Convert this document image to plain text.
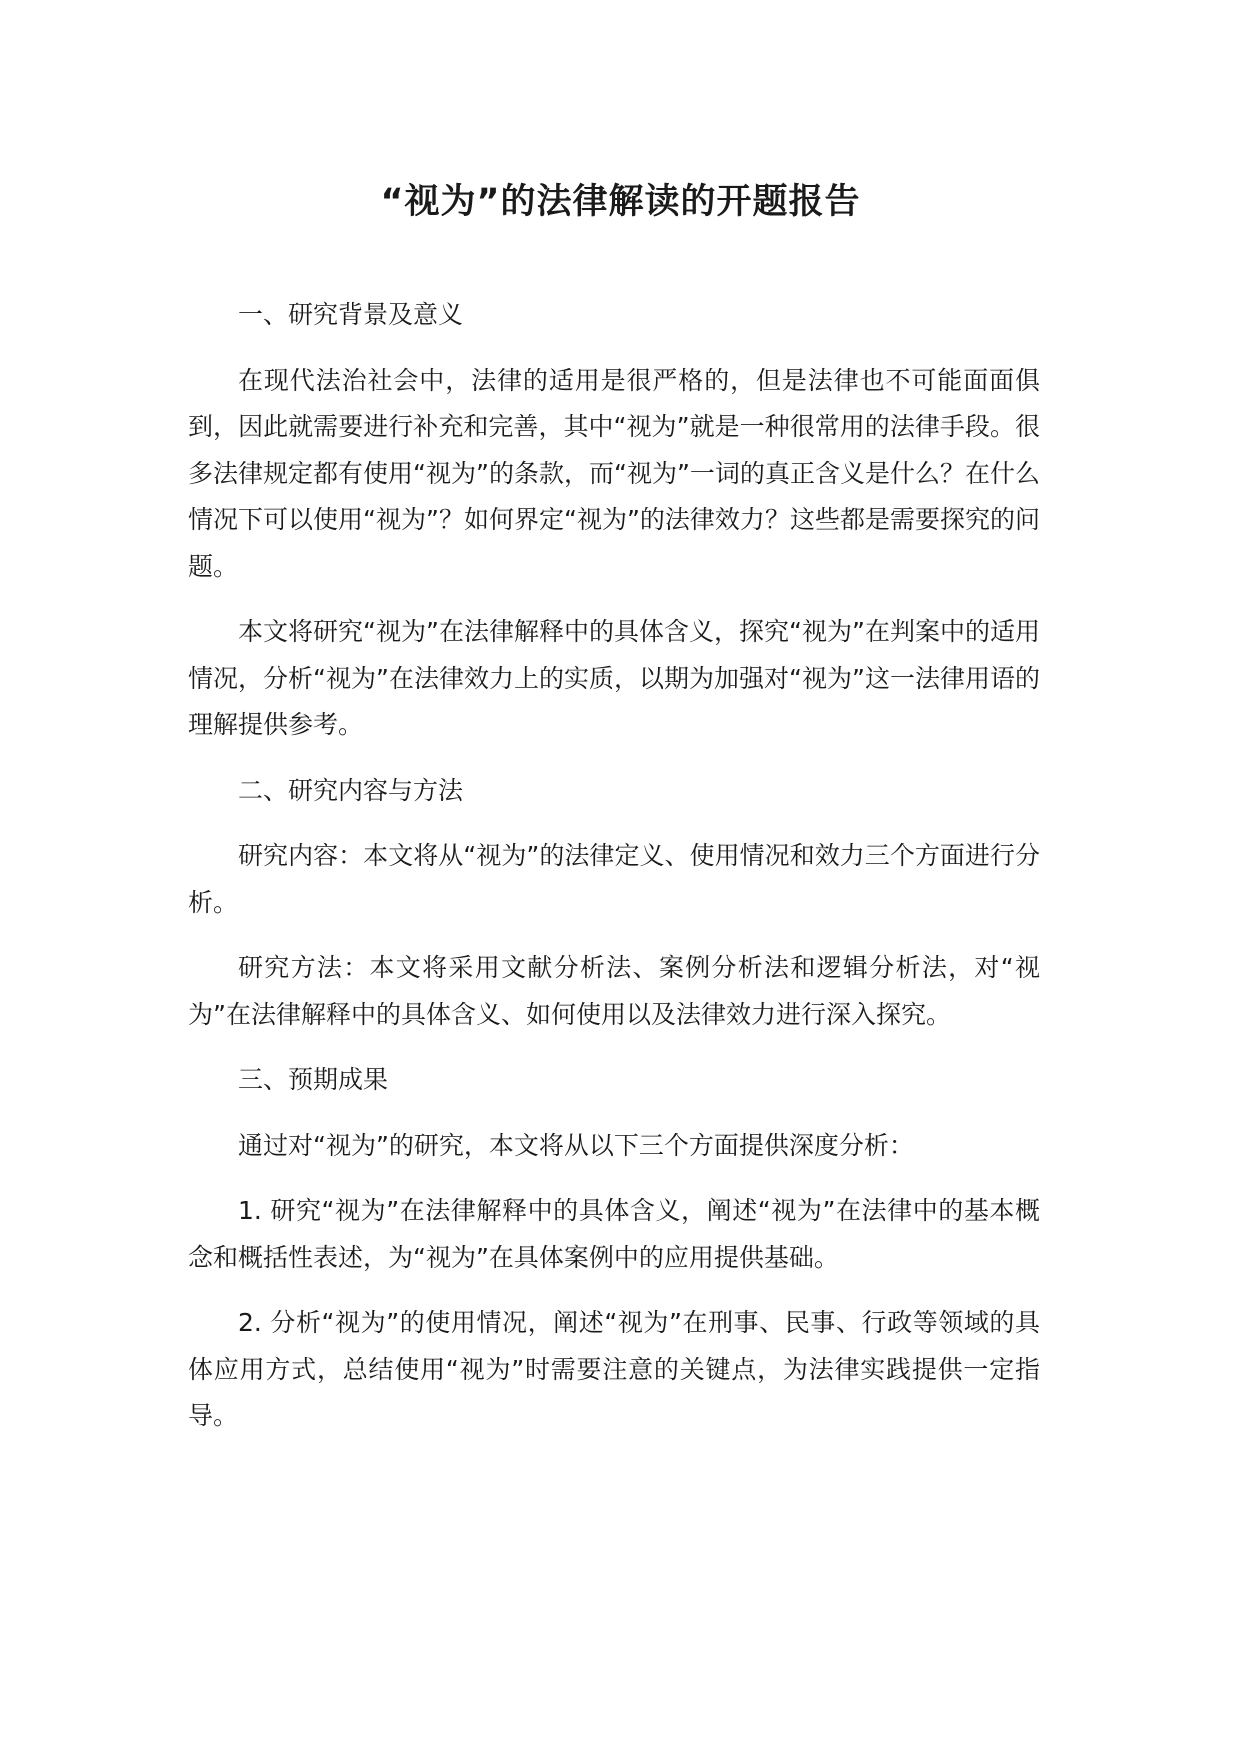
“视为”的法律解读的开题报告

一、研究背景及意义

在现代法治社会中，法律的适用是很严格的，但是法律也不可能面面俱到，因此就需要进行补充和完善，其中“视为”就是一种很常用的法律手段。很多法律规定都有使用“视为”的条款，而“视为”一词的真正含义是什么？在什么情况下可以使用“视为”？如何界定“视为”的法律效力？这些都是需要探究的问题。

本文将研究“视为”在法律解释中的具体含义，探究“视为”在判案中的适用情况，分析“视为”在法律效力上的实质，以期为加强对“视为”这一法律用语的理解提供参考。

二、研究内容与方法

研究内容：本文将从“视为”的法律定义、使用情况和效力三个方面进行分析。

研究方法：本文将采用文献分析法、案例分析法和逻辑分析法，对“视为”在法律解释中的具体含义、如何使用以及法律效力进行深入探究。

三、预期成果

通过对“视为”的研究，本文将从以下三个方面提供深度分析：

1. 研究“视为”在法律解释中的具体含义，阐述“视为”在法律中的基本概念和概括性表述，为“视为”在具体案例中的应用提供基础。

2. 分析“视为”的使用情况，阐述“视为”在刑事、民事、行政等领域的具体应用方式，总结使用“视为”时需要注意的关键点，为法律实践提供一定指导。
